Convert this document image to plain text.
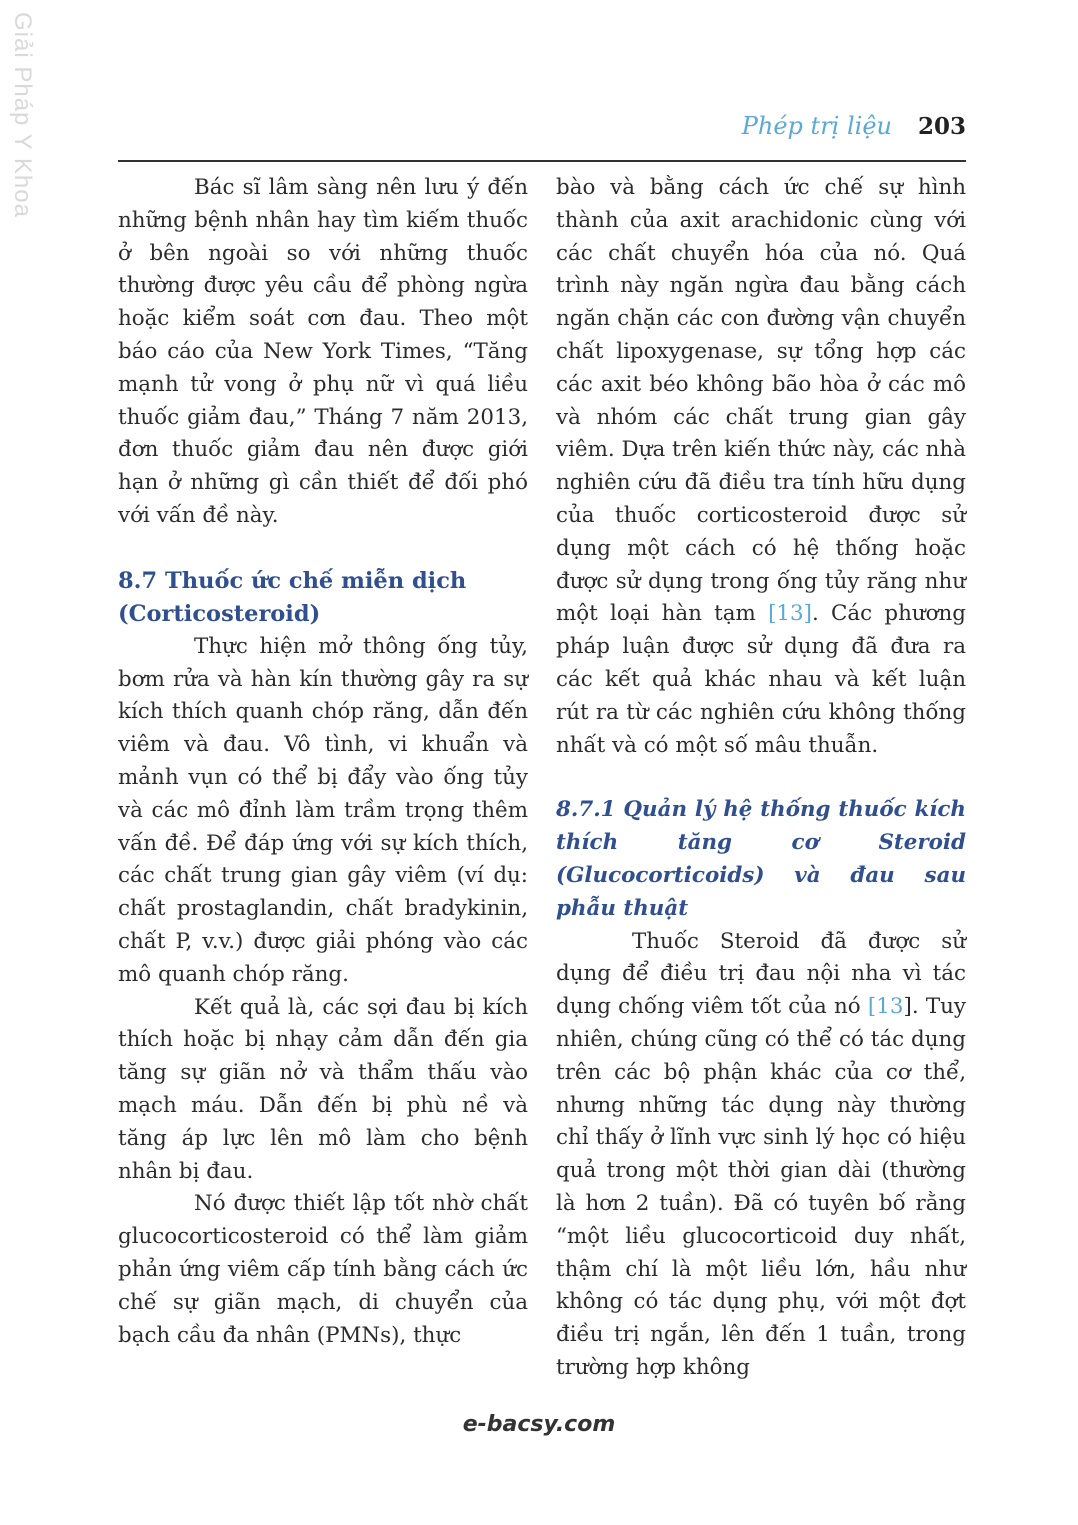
Giải Pháp Y Khoa	Phép trị liệu 203

Bác sĩ lâm sàng nên lưu ý đến những bệnh nhân hay tìm kiếm thuốc ở bên ngoài so với những thuốc thường được yêu cầu để phòng ngừa hoặc kiểm soát cơn đau. Theo một báo cáo của New York Times, “Tăng mạnh tử vong ở phụ nữ vì quá liều thuốc giảm đau,” Tháng 7 năm 2013, đơn thuốc giảm đau nên được giới hạn ở những gì cần thiết để đối phó với vấn đề này.

8.7 Thuốc ức chế miễn dịch (Corticosteroid)

Thực hiện mở thông ống tủy, bơm rửa và hàn kín thường gây ra sự kích thích quanh chóp răng, dẫn đến viêm và đau. Vô tình, vi khuẩn và mảnh vụn có thể bị đẩy vào ống tủy và các mô đỉnh làm trầm trọng thêm vấn đề. Để đáp ứng với sự kích thích, các chất trung gian gây viêm (ví dụ: chất prostaglandin, chất bradykinin, chất P, v.v.) được giải phóng vào các mô quanh chóp răng.

Kết quả là, các sợi đau bị kích thích hoặc bị nhạy cảm dẫn đến gia tăng sự giãn nở và thẩm thấu vào mạch máu. Dẫn đến bị phù nề và tăng áp lực lên mô làm cho bệnh nhân bị đau.

Nó được thiết lập tốt nhờ chất glucocorticosteroid có thể làm giảm phản ứng viêm cấp tính bằng cách ức chế sự giãn mạch, di chuyển của bạch cầu đa nhân (PMNs), thực

bào và bằng cách ức chế sự hình thành của axit arachidonic cùng với các chất chuyển hóa của nó. Quá trình này ngăn ngừa đau bằng cách ngăn chặn các con đường vận chuyển chất lipoxygenase, sự tổng hợp các các axit béo không bão hòa ở các mô và nhóm các chất trung gian gây viêm. Dựa trên kiến thức này, các nhà nghiên cứu đã điều tra tính hữu dụng của thuốc corticosteroid được sử dụng một cách có hệ thống hoặc được sử dụng trong ống tủy răng như một loại hàn tạm [13]. Các phương pháp luận được sử dụng đã đưa ra các kết quả khác nhau và kết luận rút ra từ các nghiên cứu không thống nhất và có một số mâu thuẫn.

8.7.1 Quản lý hệ thống thuốc kích thích tăng cơ Steroid (Glucocorticoids) và đau sau phẫu thuật

Thuốc Steroid đã được sử dụng để điều trị đau nội nha vì tác dụng chống viêm tốt của nó [13]. Tuy nhiên, chúng cũng có thể có tác dụng trên các bộ phận khác của cơ thể, nhưng những tác dụng này thường chỉ thấy ở lĩnh vực sinh lý học có hiệu quả trong một thời gian dài (thường là hơn 2 tuần). Đã có tuyên bố rằng “một liều glucocorticoid duy nhất, thậm chí là một liều lớn, hầu như không có tác dụng phụ, với một đợt điều trị ngắn, lên đến 1 tuần, trong trường hợp không

e-bacsy.com
